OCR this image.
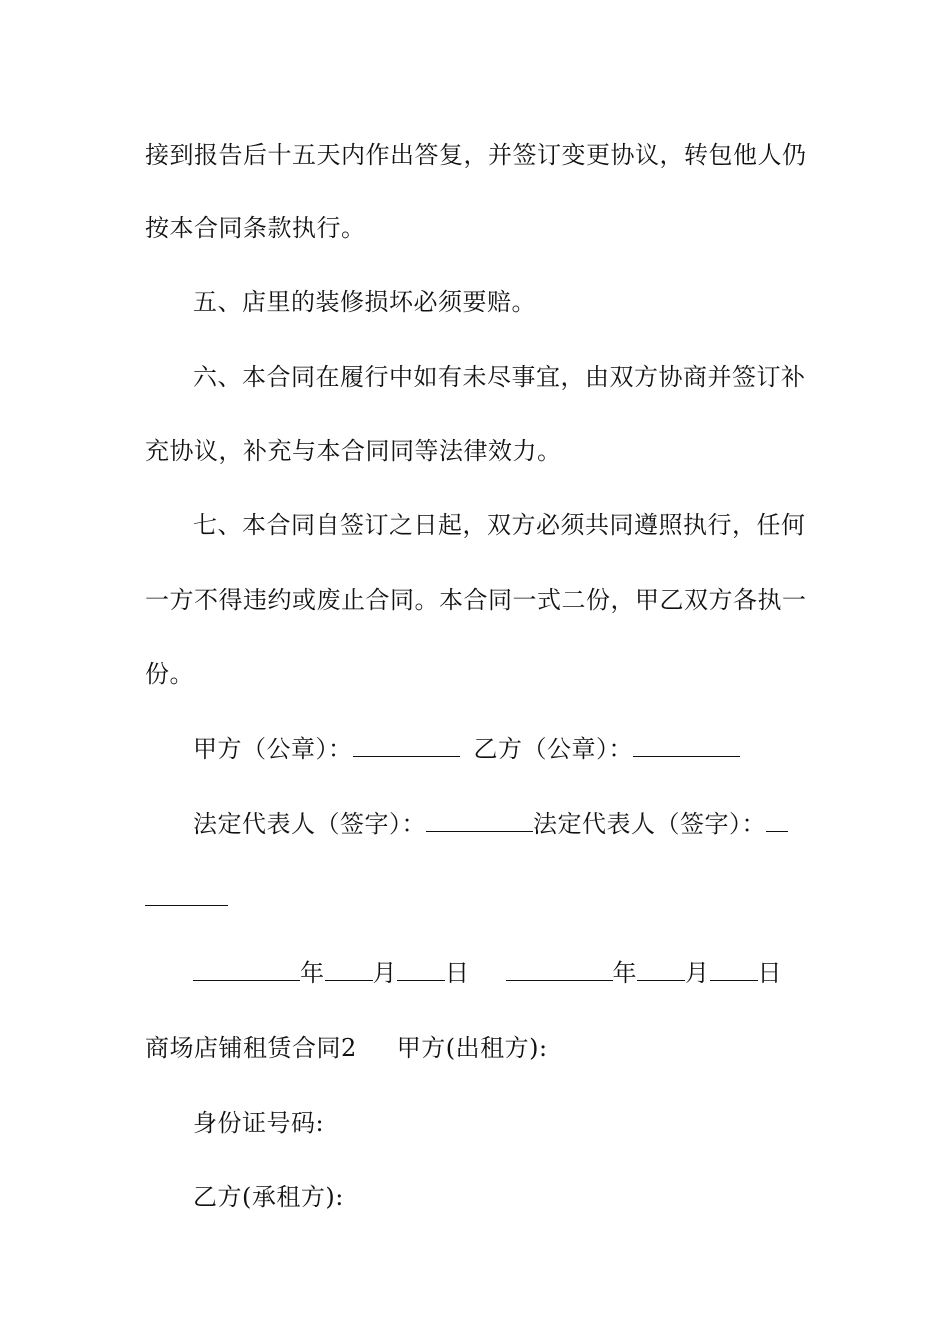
接到报告后十五天内作出答复，并签订变更协议，转包他人仍
按本合同条款执行。
五、店里的装修损坏必须要赔。
六、本合同在履行中如有未尽事宜，由双方协商并签订补
充协议，补充与本合同同等法律效力。
七、本合同自签订之日起，双方必须共同遵照执行，任何
一方不得违约或废止合同。本合同一式二份，甲乙双方各执一
份。
甲方（公章）：	乙方（公章）：
法定代表人（签字）：	法定代表人（签字）：
年 月 日	年 月 日
商场店铺租赁合同2 甲方(出租方):
身份证号码:
乙方(承租方):
